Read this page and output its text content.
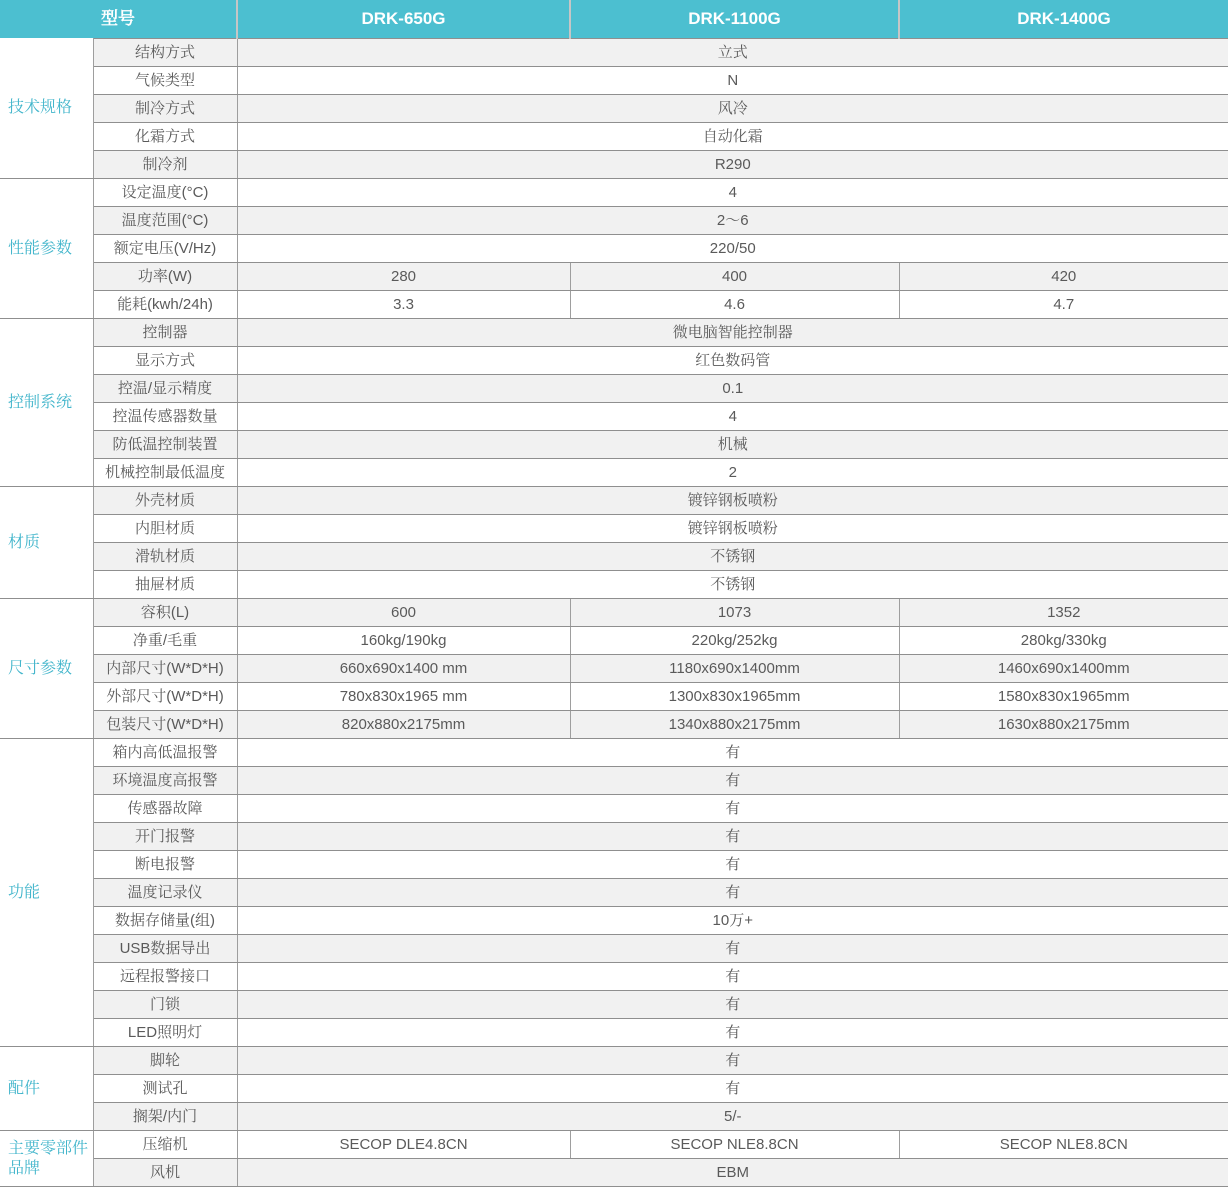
型号		DRK-650G	DRK-1100G	DRK-1400G
技术规格	结构方式	立式		
	气候类型	N		
	制冷方式	风冷		
	化霜方式	自动化霜		
	制冷剂	R290		
性能参数	设定温度(°C)	4		
	温度范围(°C)	2～6		
	额定电压(V/Hz)	220/50		
	功率(W)	280	400	420
	能耗(kwh/24h)	3.3	4.6	4.7
控制系统	控制器	微电脑智能控制器		
	显示方式	红色数码管		
	控温/显示精度	0.1		
	控温传感器数量	4		
	防低温控制装置	机械		
	机械控制最低温度	2		
材质	外壳材质	镀锌钢板喷粉		
	内胆材质	镀锌钢板喷粉		
	滑轨材质	不锈钢		
	抽屉材质	不锈钢		
尺寸参数	容积(L)	600	1073	1352
	净重/毛重	160kg/190kg	220kg/252kg	280kg/330kg
	内部尺寸(W*D*H)	660x690x1400 mm	1180x690x1400mm	1460x690x1400mm
	外部尺寸(W*D*H)	780x830x1965 mm	1300x830x1965mm	1580x830x1965mm
	包装尺寸(W*D*H)	820x880x2175mm	1340x880x2175mm	1630x880x2175mm
功能	箱内高低温报警	有		
	环境温度高报警	有		
	传感器故障	有		
	开门报警	有		
	断电报警	有		
	温度记录仪	有		
	数据存储量(组)	10万+		
	USB数据导出	有		
	远程报警接口	有		
	门锁	有		
	LED照明灯	有		
配件	脚轮	有		
	测试孔	有		
	搁架/内门	5/-		
主要零部件品牌	压缩机	SECOP DLE4.8CN	SECOP NLE8.8CN	SECOP NLE8.8CN
	风机	EBM		
